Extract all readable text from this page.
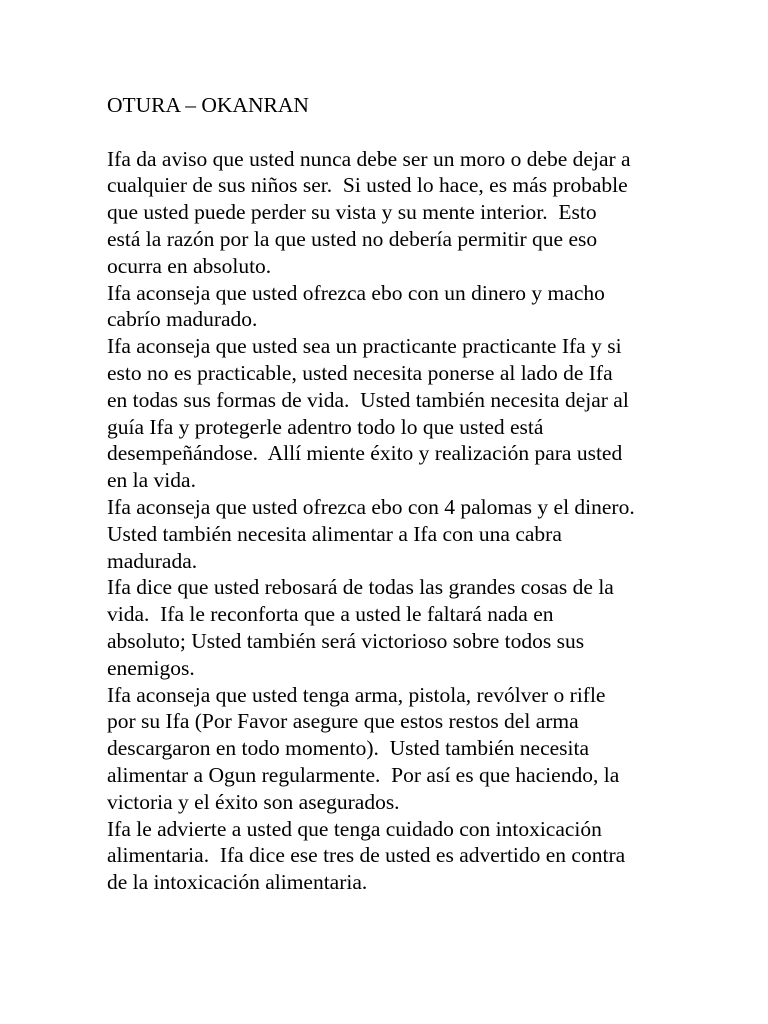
OTURA – OKANRAN
Ifa da aviso que usted nunca debe ser un moro o debe dejar a
cualquier de sus niños ser.  Si usted lo hace, es más probable
que usted puede perder su vista y su mente interior.  Esto
está la razón por la que usted no debería permitir que eso
ocurra en absoluto.
Ifa aconseja que usted ofrezca ebo con un dinero y macho
cabrío madurado.
Ifa aconseja que usted sea un practicante practicante Ifa y si
esto no es practicable, usted necesita ponerse al lado de Ifa
en todas sus formas de vida.  Usted también necesita dejar al
guía Ifa y protegerle adentro todo lo que usted está
desempeñándose.  Allí miente éxito y realización para usted
en la vida.
Ifa aconseja que usted ofrezca ebo con 4 palomas y el dinero.
Usted también necesita alimentar a Ifa con una cabra
madurada.
Ifa dice que usted rebosará de todas las grandes cosas de la
vida.  Ifa le reconforta que a usted le faltará nada en
absoluto; Usted también será victorioso sobre todos sus
enemigos.
Ifa aconseja que usted tenga arma, pistola, revólver o rifle
por su Ifa (Por Favor asegure que estos restos del arma
descargaron en todo momento).  Usted también necesita
alimentar a Ogun regularmente.  Por así es que haciendo, la
victoria y el éxito son asegurados.
Ifa le advierte a usted que tenga cuidado con intoxicación
alimentaria.  Ifa dice ese tres de usted es advertido en contra
de la intoxicación alimentaria.
